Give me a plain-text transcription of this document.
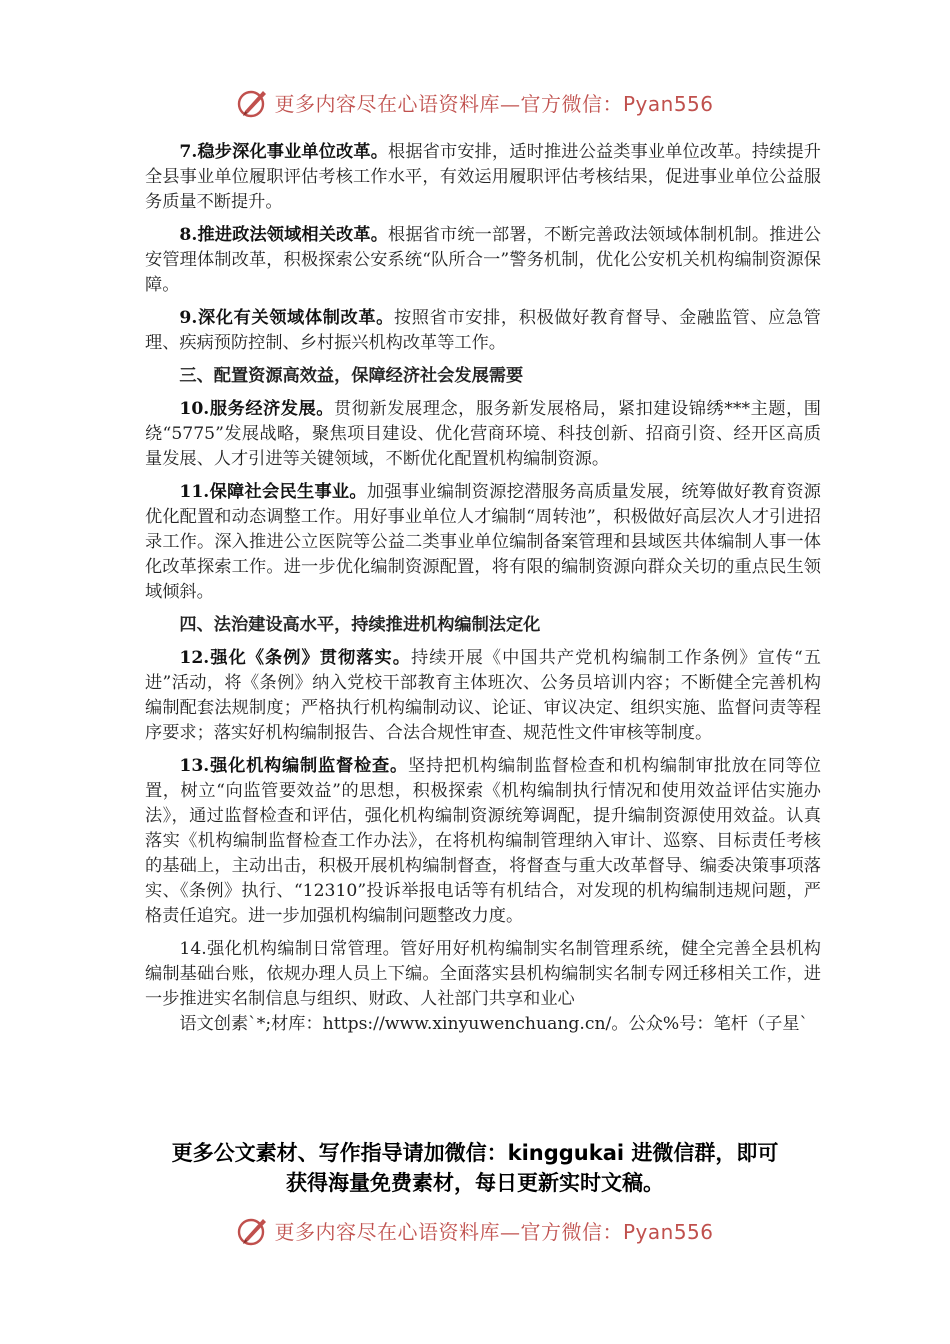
更多内容尽在心语资料库—官方微信：Pyan556

7.稳步深化事业单位改革。根据省市安排，适时推进公益类事业单位改革。持续提升全县事业单位履职评估考核工作水平，有效运用履职评估考核结果，促进事业单位公益服务质量不断提升。

8.推进政法领域相关改革。根据省市统一部署，不断完善政法领域体制机制。推进公安管理体制改革，积极探索公安系统“队所合一”警务机制，优化公安机关机构编制资源保障。

9.深化有关领域体制改革。按照省市安排，积极做好教育督导、金融监管、应急管理、疾病预防控制、乡村振兴机构改革等工作。

三、配置资源高效益，保障经济社会发展需要

10.服务经济发展。贯彻新发展理念，服务新发展格局，紧扣建设锦绣***主题，围绕“5775”发展战略，聚焦项目建设、优化营商环境、科技创新、招商引资、经开区高质量发展、人才引进等关键领域，不断优化配置机构编制资源。

11.保障社会民生事业。加强事业编制资源挖潜服务高质量发展，统筹做好教育资源优化配置和动态调整工作。用好事业单位人才编制“周转池”，积极做好高层次人才引进招录工作。深入推进公立医院等公益二类事业单位编制备案管理和县域医共体编制人事一体化改革探索工作。进一步优化编制资源配置，将有限的编制资源向群众关切的重点民生领域倾斜。

四、法治建设高水平，持续推进机构编制法定化

12.强化《条例》贯彻落实。持续开展《中国共产党机构编制工作条例》宣传“五进”活动，将《条例》纳入党校干部教育主体班次、公务员培训内容；不断健全完善机构编制配套法规制度；严格执行机构编制动议、论证、审议决定、组织实施、监督问责等程序要求；落实好机构编制报告、合法合规性审查、规范性文件审核等制度。

13.强化机构编制监督检查。坚持把机构编制监督检查和机构编制审批放在同等位置，树立“向监管要效益”的思想，积极探索《机构编制执行情况和使用效益评估实施办法》，通过监督检查和评估，强化机构编制资源统筹调配，提升编制资源使用效益。认真落实《机构编制监督检查工作办法》，在将机构编制管理纳入审计、巡察、目标责任考核的基础上，主动出击，积极开展机构编制督查，将督查与重大改革督导、编委决策事项落实、《条例》执行、“12310”投诉举报电话等有机结合，对发现的机构编制违规问题，严格责任追究。进一步加强机构编制问题整改力度。

14.强化机构编制日常管理。管好用好机构编制实名制管理系统，健全完善全县机构编制基础台账，依规办理人员上下编。全面落实县机构编制实名制专网迁移相关工作，进一步推进实名制信息与组织、财政、人社部门共享和业心

语文创素`*;材库：https://www.xinyuwenchuang.cn/。公众%号：笔杆（子星`

更多公文素材、写作指导请加微信：kinggukai 进微信群，即可
获得海量免费素材，每日更新实时文稿。
更多内容尽在心语资料库—官方微信：Pyan556
